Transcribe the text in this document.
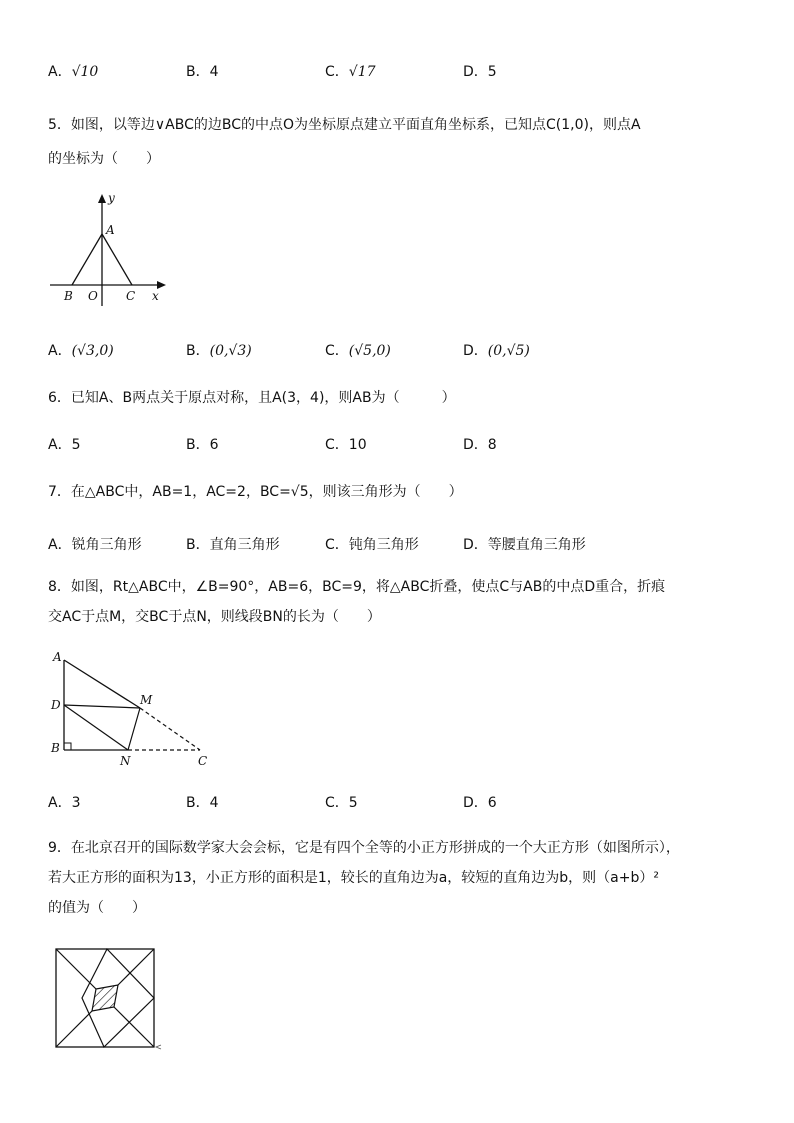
A．√10	B．4	C．√17	D．5
5．如图，以等边∨ABC的边BC的中点O为坐标原点建立平面直角坐标系，已知点C(1,0)，则点A
的坐标为（　　）
y
A
B O C x
A．(√3,0)	B．(0,√3)	C．(√5,0)	D．(0,√5)
6．已知A、B两点关于原点对称，且A(3，4)，则AB为（　　　）
A．5	B．6	C．10	D．8
7．在△ABC中，AB=1，AC=2，BC=√5，则该三角形为（　　）
A．锐角三角形	B．直角三角形	C．钝角三角形	D．等腰直角三角形
8．如图，Rt△ABC中，∠B=90°，AB=6，BC=9，将△ABC折叠，使点C与AB的中点D重合，折痕
交AC于点M，交BC于点N，则线段BN的长为（　　）
A
D
B
M
N	C
A．3	B．4	C．5	D．6
9．在北京召开的国际数学家大会会标，它是有四个全等的小正方形拼成的一个大正方形（如图所示），
若大正方形的面积为13，小正方形的面积是1，较长的直角边为a，较短的直角边为b，则（a+b）²
的值为（　　）
